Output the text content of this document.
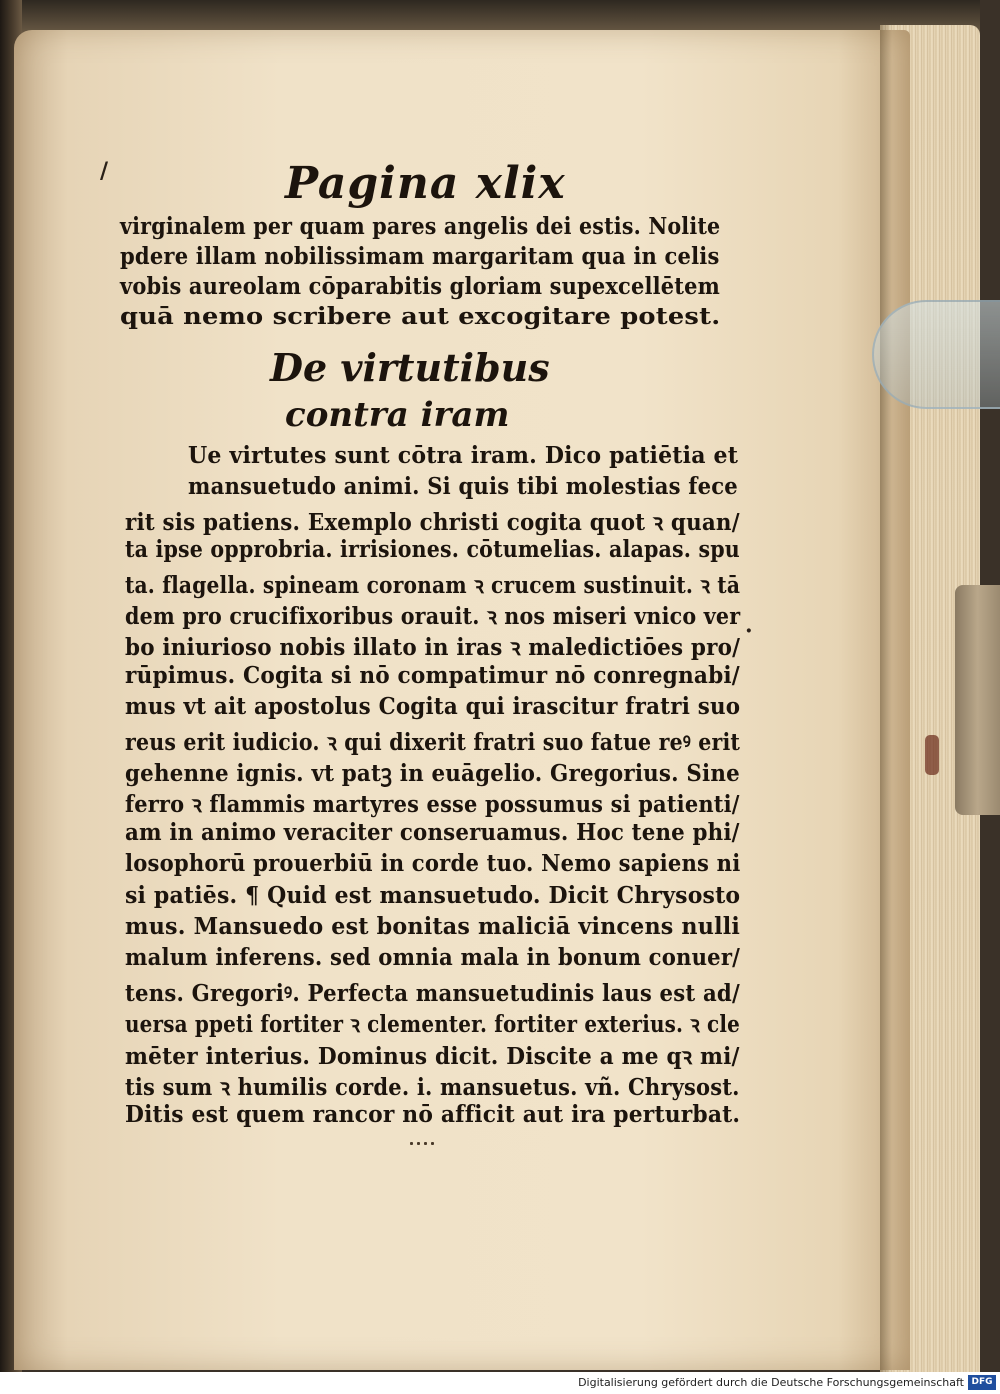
/	Pagina xlix
virginalem per quam pares angelis dei estis. Nolite
pdere illam nobilissimam margaritam qua in celis
vobis aureolam cōparabitis gloriam supexcellētem
quā nemo scribere aut excogitare potest.
De virtutibus
contra iram
Ue virtutes sunt cōtra iram. Dico patiētia et
mansuetudo animi. Si quis tibi molestias fece
rit sis patiens. Exemplo christi cogita quot ꝛ quan/
ta ipse opprobria. irrisiones. cōtumelias. alapas. spu
ta. flagella. spineam coronam ꝛ crucem sustinuit. ꝛ tā
dem pro crucifixoribus orauit. ꝛ nos miseri vnico ver
bo iniurioso nobis illato in iras ꝛ maledictiōes pro/
rūpimus. Cogita si nō compatimur nō conregnabi/
mus vt ait apostolus Cogita qui irascitur fratri suo
reus erit iudicio. ꝛ qui dixerit fratri suo fatue reꝰ erit
gehenne ignis. vt patꝫ in euāgelio. Gregorius. Sine
ferro ꝛ flammis martyres esse possumus si patienti/
am in animo veraciter conseruamus. Hoc tene phi/
losophorū prouerbiū in corde tuo. Nemo sapiens ni
si patiēs. ¶ Quid est mansuetudo. Dicit Chrysosto
mus. Mansuedo est bonitas maliciā vincens nulli
malum inferens. sed omnia mala in bonum conuer/
tens. Gregoriꝰ. Perfecta mansuetudinis laus est ad/
uersa ppeti fortiter ꝛ clementer. fortiter exterius. ꝛ cle
mēter interius. Dominus dicit. Discite a me qꝛ mi/
tis sum ꝛ humilis corde. i. mansuetus. vñ. Chrysost.
Ditis est quem rancor nō afficit aut ira perturbat.
·
Digitalisierung gefördert durch die Deutsche Forschungsgemeinschaft DFG
